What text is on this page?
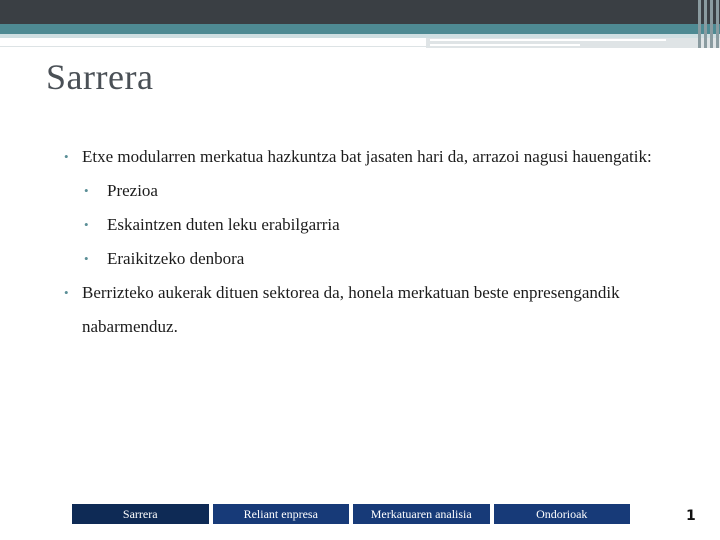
Sarrera
• Etxe modularren merkatua hazkuntza bat jasaten hari da, arrazoi nagusi hauengatik:
• Prezioa
• Eskaintzen duten leku erabilgarria
• Eraikitzeko denbora
• Berrizteko aukerak dituen sektorea da, honela merkatuan beste enpresengandik nabarmenduz.
Sarrera	Reliant enpresa	Merkatuaren analisia	Ondorioak	1
